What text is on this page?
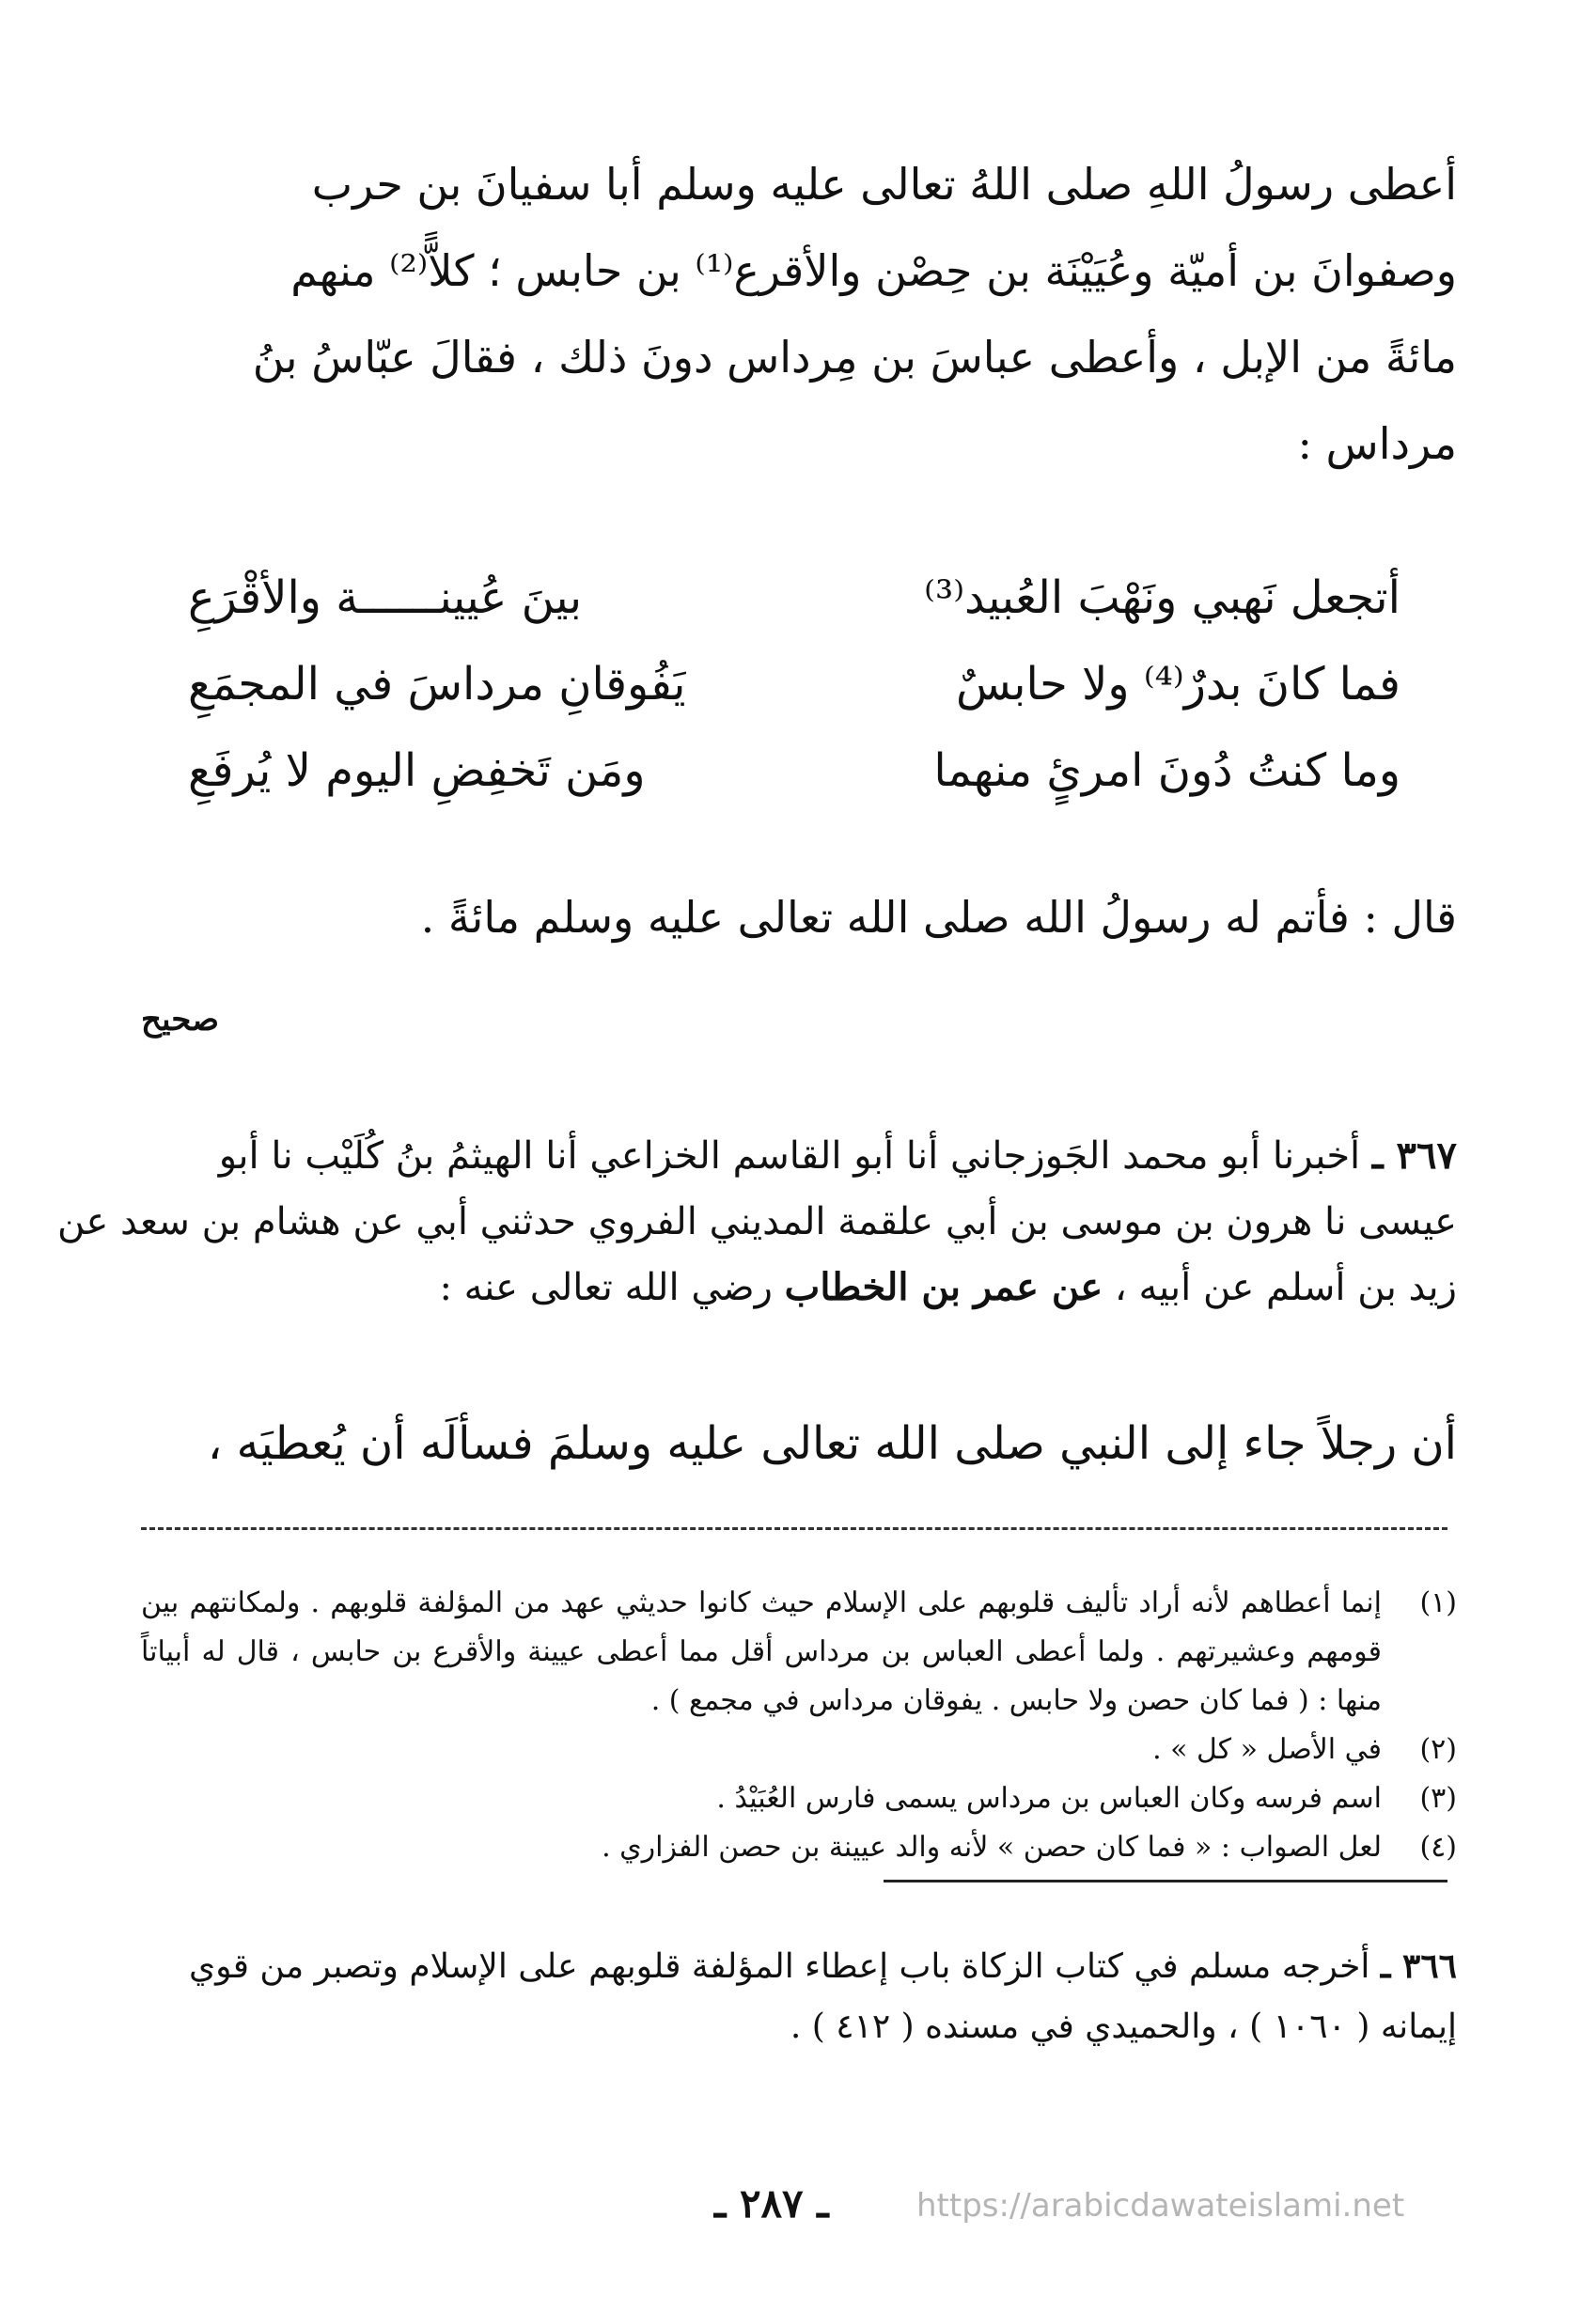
أعطى رسولُ اللهِ صلى اللهُ تعالى عليه وسلم أبا سفيانَ بن حرب
وصفوانَ بن أميّة وعُيَيْنَة بن حِصْن والأقرع⁽¹⁾ بن حابس ؛ كلاًّ⁽²⁾ منهم
مائةً من الإبل ، وأعطى عباسَ بن مِرداس دونَ ذلك ، فقالَ عبّاسُ بنُ
مرداس :
أتجعل نَهبي ونَهْبَ العُبيد⁽³⁾
بينَ عُيينــــــة والأقْرَعِ
فما كانَ بدرٌ⁽⁴⁾ ولا حابسٌ
يَفُوقانِ مرداسَ في المجمَعِ
وما كنتُ دُونَ امرئٍ منهما
ومَن تَخفِضِ اليوم لا يُرفَعِ
قال : فأتم له رسولُ الله صلى الله تعالى عليه وسلم مائةً .
صحيح
٣٦٧ ـ أخبرنا أبو محمد الجَوزجاني أنا أبو القاسم الخزاعي أنا الهيثمُ بنُ كُلَيْب نا أبو
عيسى نا هرون بن موسى بن أبي علقمة المديني الفروي حدثني أبي عن هشام بن سعد عن
زيد بن أسلم عن أبيه ، عن عمر بن الخطاب رضي الله تعالى عنه :
أن رجلاً جاء إلى النبي صلى الله تعالى عليه وسلمَ فسألَه أن يُعطيَه ،
(١)
إنما أعطاهم لأنه أراد تأليف قلوبهم على الإسلام حيث كانوا حديثي عهد من المؤلفة قلوبهم . ولمكانتهم بين قومهم وعشيرتهم . ولما أعطى العباس بن مرداس أقل مما أعطى عيينة والأقرع بن حابس ، قال له أبياتاً منها : ( فما كان حصن ولا حابس . يفوقان مرداس في مجمع ) .
(٢)
في الأصل « كل » .
(٣)
اسم فرسه وكان العباس بن مرداس يسمى فارس العُبَيْدُ .
(٤)
لعل الصواب : « فما كان حصن » لأنه والد عيينة بن حصن الفزاري .
٣٦٦ ـ أخرجه مسلم في كتاب الزكاة باب إعطاء المؤلفة قلوبهم على الإسلام وتصبر من قوي
إيمانه ( ١٠٦٠ ) ، والحميدي في مسنده ( ٤١٢ ) .
ـ ٢٨٧ ـ	https://arabicdawateislami.net
